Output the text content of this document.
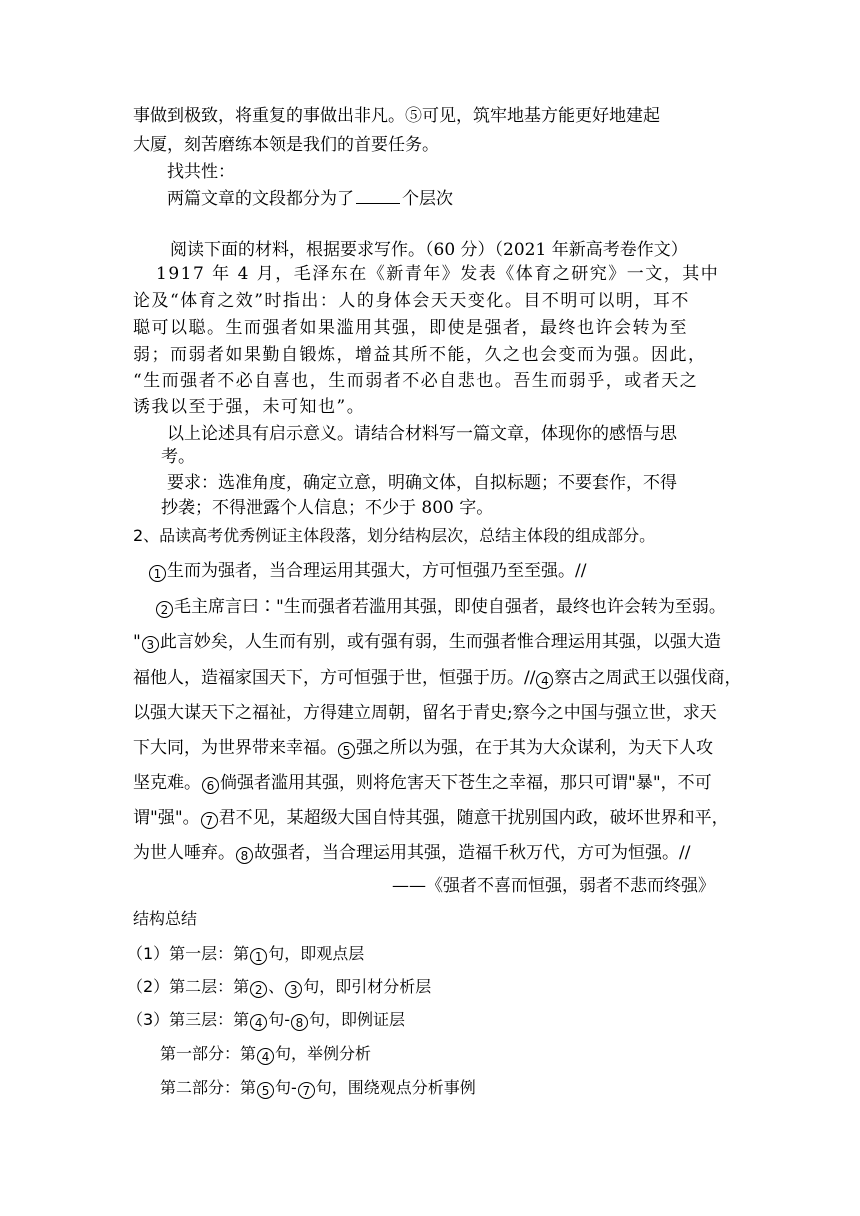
事做到极致，将重复的事做出非凡。⑤可见，筑牢地基方能更好地建起
大厦，刻苦磨练本领是我们的首要任务。
找共性：
两篇文章的文段都分为了	个层次
阅读下面的材料，根据要求写作。（60 分）（2021 年新高考卷作文）
1917 年 4 月，毛泽东在《新青年》发表《体育之研究》一文，其中
论及“体育之效”时指出：人的身体会天天变化。目不明可以明，耳不
聪可以聪。生而强者如果滥用其强，即使是强者，最终也许会转为至
弱；而弱者如果勤自锻炼，增益其所不能，久之也会变而为强。因此，
“生而强者不必自喜也，生而弱者不必自悲也。吾生而弱乎，或者天之
诱我以至于强，未可知也”。
以上论述具有启示意义。请结合材料写一篇文章，体现你的感悟与思
考。
要求：选准角度，确定立意，明确文体，自拟标题；不要套作，不得
抄袭；不得泄露个人信息；不少于 800 字。
2、品读高考优秀例证主体段落，划分结构层次，总结主体段的组成部分。
1 生而为强者，当合理运用其强大，方可恒强乃至至强。//
2 毛主席言曰∶"生而强者若滥用其强，即使自强者，最终也许会转为至弱。
" 3 此言妙矣，人生而有别，或有强有弱，生而强者惟合理运用其强，以强大造
福他人，造福家国天下，方可恒强于世，恒强于历。// 4 察古之周武王以强伐商，
以强大谋天下之福祉，方得建立周朝，留名于青史;察今之中国与强立世，求天
下大同，为世界带来幸福。 5 强之所以为强，在于其为大众谋利，为天下人攻
坚克难。 6 倘强者滥用其强，则将危害天下苍生之幸福，那只可谓"暴"，不可
谓"强"。 7 君不见，某超级大国自恃其强，随意干扰别国内政，破坏世界和平，
为世人唾弃。 8 故强者，当合理运用其强，造福千秋万代，方可为恒强。//
——《强者不喜而恒强，弱者不悲而终强》
结构总结
（1）第一层：第 1 句，即观点层
（2）第二层：第 2 、 3 句，即引材分析层
（3）第三层：第 4 句- 8 句，即例证层
第一部分：第 4 句，举例分析
第二部分：第 5 句- 7 句，围绕观点分析事例
